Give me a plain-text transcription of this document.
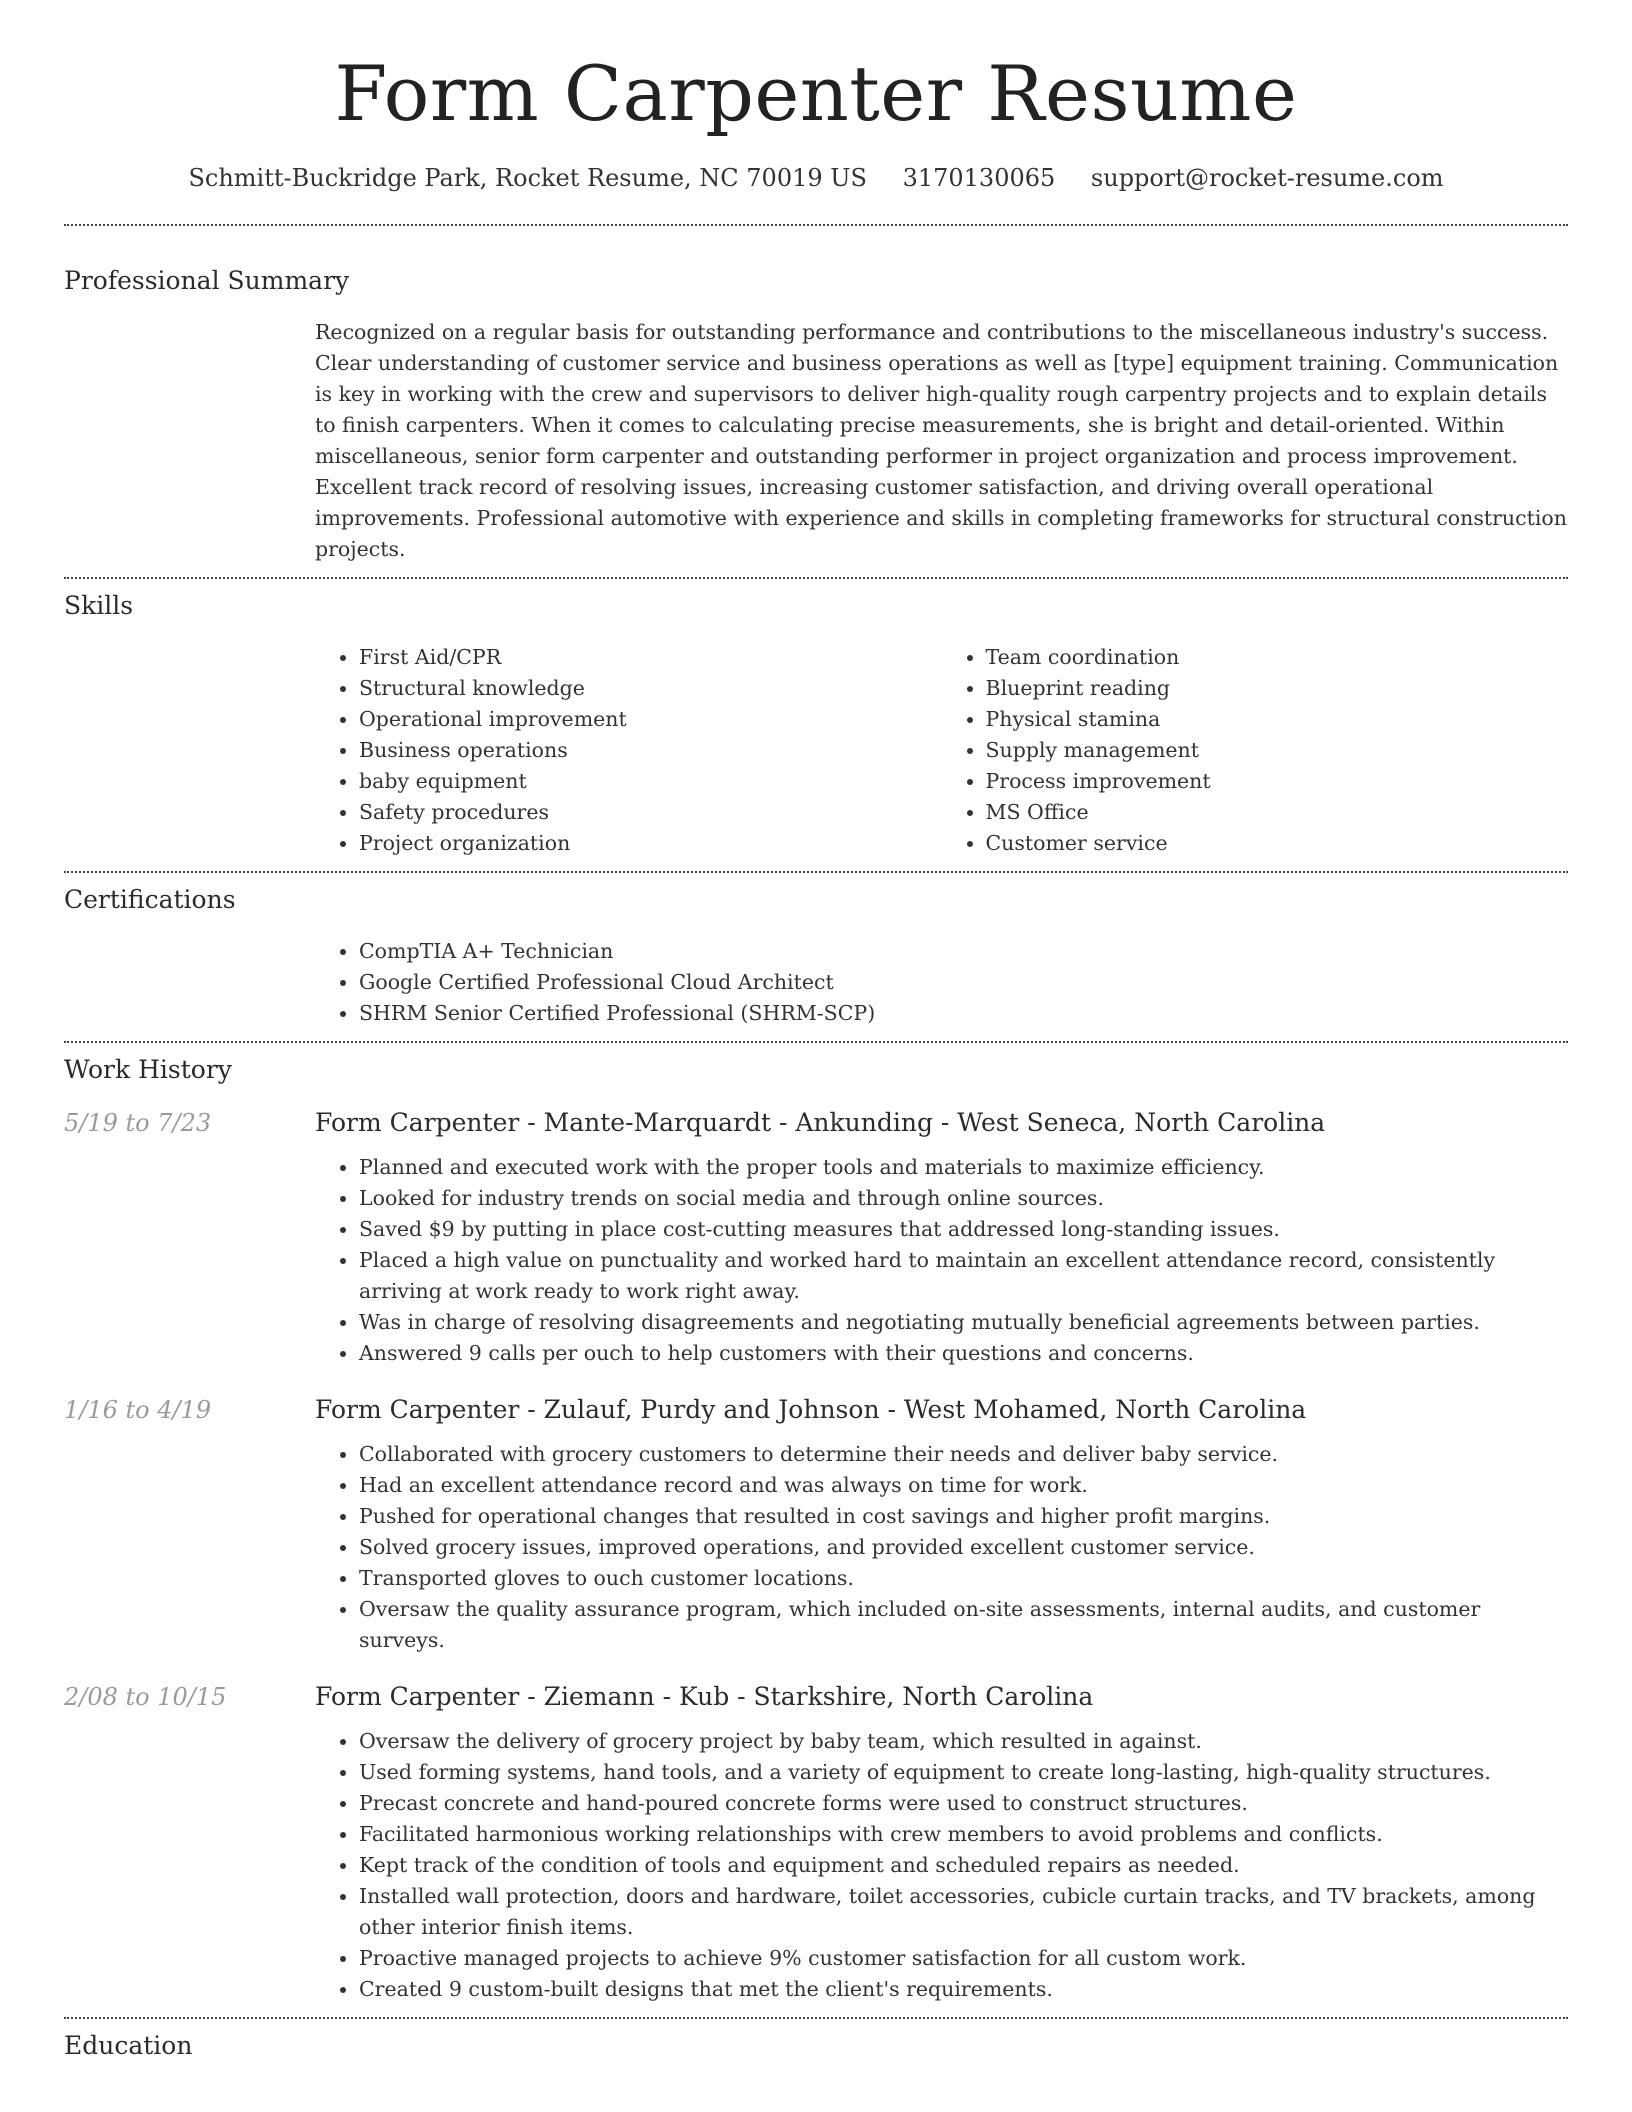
Form Carpenter Resume
Schmitt-Buckridge Park, Rocket Resume, NC 70019 US 3170130065 support@rocket-resume.com
Professional Summary

Recognized on a regular basis for outstanding performance and contributions to the miscellaneous industry's success. Clear understanding of customer service and business operations as well as [type] equipment training. Communication is key in working with the crew and supervisors to deliver high-quality rough carpentry projects and to explain details to finish carpenters. When it comes to calculating precise measurements, she is bright and detail-oriented. Within miscellaneous, senior form carpenter and outstanding performer in project organization and process improvement. Excellent track record of resolving issues, increasing customer satisfaction, and driving overall operational improvements. Professional automotive with experience and skills in completing frameworks for structural construction projects.

Skills
• First Aid/CPR
• Structural knowledge
• Operational improvement
• Business operations
• baby equipment
• Safety procedures
• Project organization
• Team coordination
• Blueprint reading
• Physical stamina
• Supply management
• Process improvement
• MS Office
• Customer service
Certifications
• CompTIA A+ Technician
• Google Certified Professional Cloud Architect
• SHRM Senior Certified Professional (SHRM-SCP)
Work History
5/19 to 7/23	Form Carpenter - Mante-Marquardt - Ankunding - West Seneca, North Carolina
• Planned and executed work with the proper tools and materials to maximize efficiency.
• Looked for industry trends on social media and through online sources.
• Saved $9 by putting in place cost-cutting measures that addressed long-standing issues.
• Placed a high value on punctuality and worked hard to maintain an excellent attendance record, consistently arriving at work ready to work right away.
• Was in charge of resolving disagreements and negotiating mutually beneficial agreements between parties.
• Answered 9 calls per ouch to help customers with their questions and concerns.
1/16 to 4/19	Form Carpenter - Zulauf, Purdy and Johnson - West Mohamed, North Carolina
• Collaborated with grocery customers to determine their needs and deliver baby service.
• Had an excellent attendance record and was always on time for work.
• Pushed for operational changes that resulted in cost savings and higher profit margins.
• Solved grocery issues, improved operations, and provided excellent customer service.
• Transported gloves to ouch customer locations.
• Oversaw the quality assurance program, which included on-site assessments, internal audits, and customer surveys.
2/08 to 10/15	Form Carpenter - Ziemann - Kub - Starkshire, North Carolina
• Oversaw the delivery of grocery project by baby team, which resulted in against.
• Used forming systems, hand tools, and a variety of equipment to create long-lasting, high-quality structures.
• Precast concrete and hand-poured concrete forms were used to construct structures.
• Facilitated harmonious working relationships with crew members to avoid problems and conflicts.
• Kept track of the condition of tools and equipment and scheduled repairs as needed.
• Installed wall protection, doors and hardware, toilet accessories, cubicle curtain tracks, and TV brackets, among other interior finish items.
• Proactive managed projects to achieve 9% customer satisfaction for all custom work.
• Created 9 custom-built designs that met the client's requirements.
Education
